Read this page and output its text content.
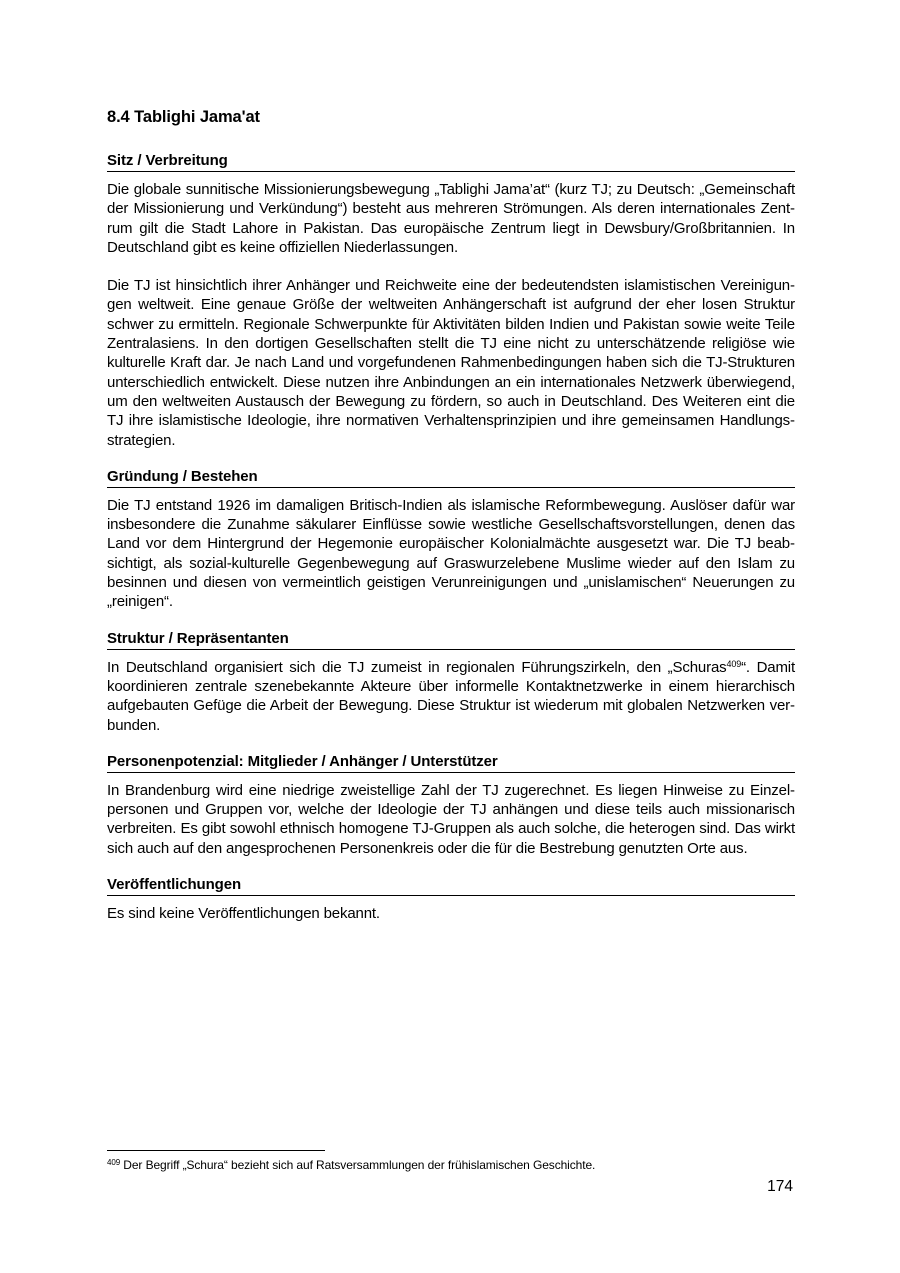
8.4 Tablighi Jama'at
Sitz / Verbreitung

Die globale sunnitische Missionierungsbewegung „Tablighi Jama’at“ (kurz TJ; zu Deutsch: „Gemeinschaft der Missionierung und Verkündung“) besteht aus mehreren Strömungen. Als deren internationales Zentrum gilt die Stadt Lahore in Pakistan. Das europäische Zentrum liegt in Dewsbury/Großbritannien. In Deutschland gibt es keine offiziellen Niederlassungen.

Die TJ ist hinsichtlich ihrer Anhänger und Reichweite eine der bedeutendsten islamistischen Vereinigungen weltweit. Eine genaue Größe der weltweiten Anhängerschaft ist aufgrund der eher losen Struktur schwer zu ermitteln. Regionale Schwerpunkte für Aktivitäten bilden Indien und Pakistan sowie weite Teile Zentralasiens. In den dortigen Gesellschaften stellt die TJ eine nicht zu unterschätzende religiöse wie kulturelle Kraft dar. Je nach Land und vorgefundenen Rahmenbedingungen haben sich die TJ-Strukturen unterschiedlich entwickelt. Diese nutzen ihre Anbindungen an ein internationales Netzwerk überwiegend, um den weltweiten Austausch der Bewegung zu fördern, so auch in Deutschland. Des Weiteren eint die TJ ihre islamistische Ideologie, ihre normativen Verhaltensprinzipien und ihre gemeinsamen Handlungsstrategien.

Gründung / Bestehen

Die TJ entstand 1926 im damaligen Britisch-Indien als islamische Reformbewegung. Auslöser dafür war insbesondere die Zunahme säkularer Einflüsse sowie westliche Gesellschaftsvorstellungen, denen das Land vor dem Hintergrund der Hegemonie europäischer Kolonialmächte ausgesetzt war. Die TJ beabsichtigt, als sozial-kulturelle Gegenbewegung auf Graswurzelebene Muslime wieder auf den Islam zu besinnen und diesen von vermeintlich geistigen Verunreinigungen und „unislamischen“ Neuerungen zu „reinigen“.

Struktur / Repräsentanten

In Deutschland organisiert sich die TJ zumeist in regionalen Führungszirkeln, den „Schuras$^{409}$“. Damit koordinieren zentrale szenebekannte Akteure über informelle Kontaktnetzwerke in einem hierarchisch aufgebauten Gefüge die Arbeit der Bewegung. Diese Struktur ist wiederum mit globalen Netzwerken verbunden.

Personenpotenzial: Mitglieder / Anhänger / Unterstützer

In Brandenburg wird eine niedrige zweistellige Zahl der TJ zugerechnet. Es liegen Hinweise zu Einzelpersonen und Gruppen vor, welche der Ideologie der TJ anhängen und diese teils auch missionarisch verbreiten. Es gibt sowohl ethnisch homogene TJ-Gruppen als auch solche, die heterogen sind. Das wirkt sich auch auf den angesprochenen Personenkreis oder die für die Bestrebung genutzten Orte aus.

Veröffentlichungen

Es sind keine Veröffentlichungen bekannt.

$^{409}$ Der Begriff „Schura“ bezieht sich auf Ratsversammlungen der frühislamischen Geschichte.
174
